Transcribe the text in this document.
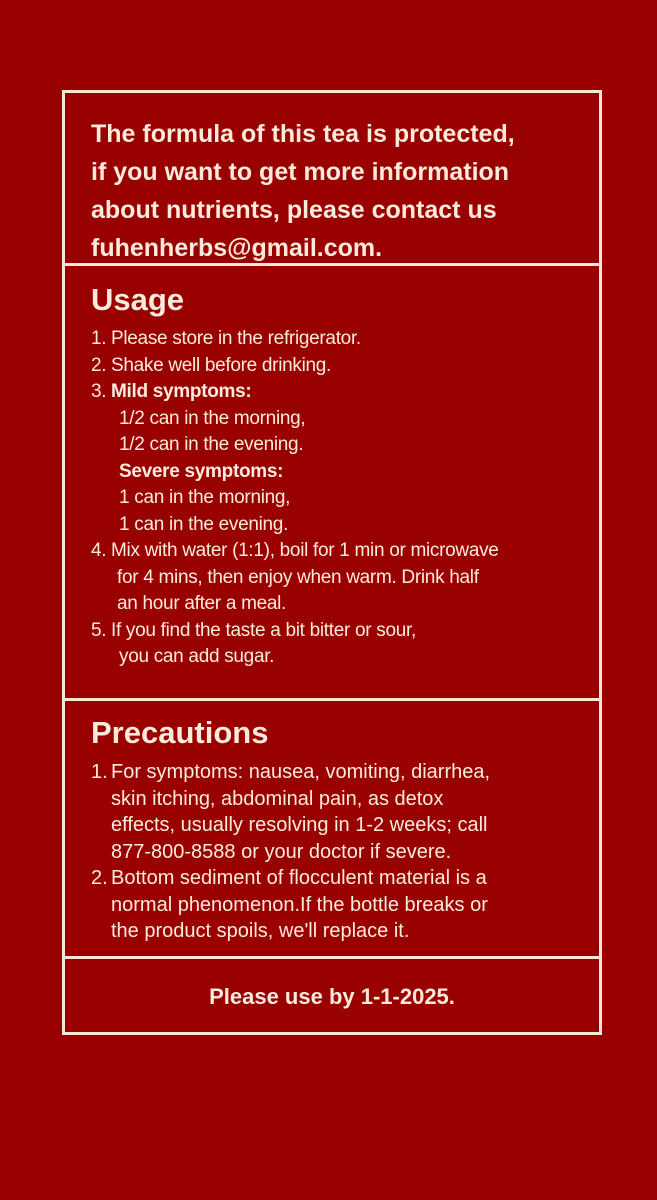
The formula of this tea is protected,
if you want to get more information
about nutrients, please contact us
fuhenherbs@gmail.com.

Usage
1. Please store in the refrigerator.
2. Shake well before drinking.
3. Mild symptoms:
1/2 can in the morning,
1/2 can in the evening.
Severe symptoms:
1 can in the morning,
1 can in the evening.
4. Mix with water (1:1), boil for 1 min or microwave
for 4 mins, then enjoy when warm. Drink half
an hour after a meal.
5. If you find the taste a bit bitter or sour,
you can add sugar.
Precautions
1. For symptoms: nausea, vomiting, diarrhea,
skin itching, abdominal pain, as detox
effects, usually resolving in 1-2 weeks; call
877-800-8588 or your doctor if severe.
2. Bottom sediment of flocculent material is a
normal phenomenon.If the bottle breaks or
the product spoils, we'll replace it.

Please use by 1-1-2025.
